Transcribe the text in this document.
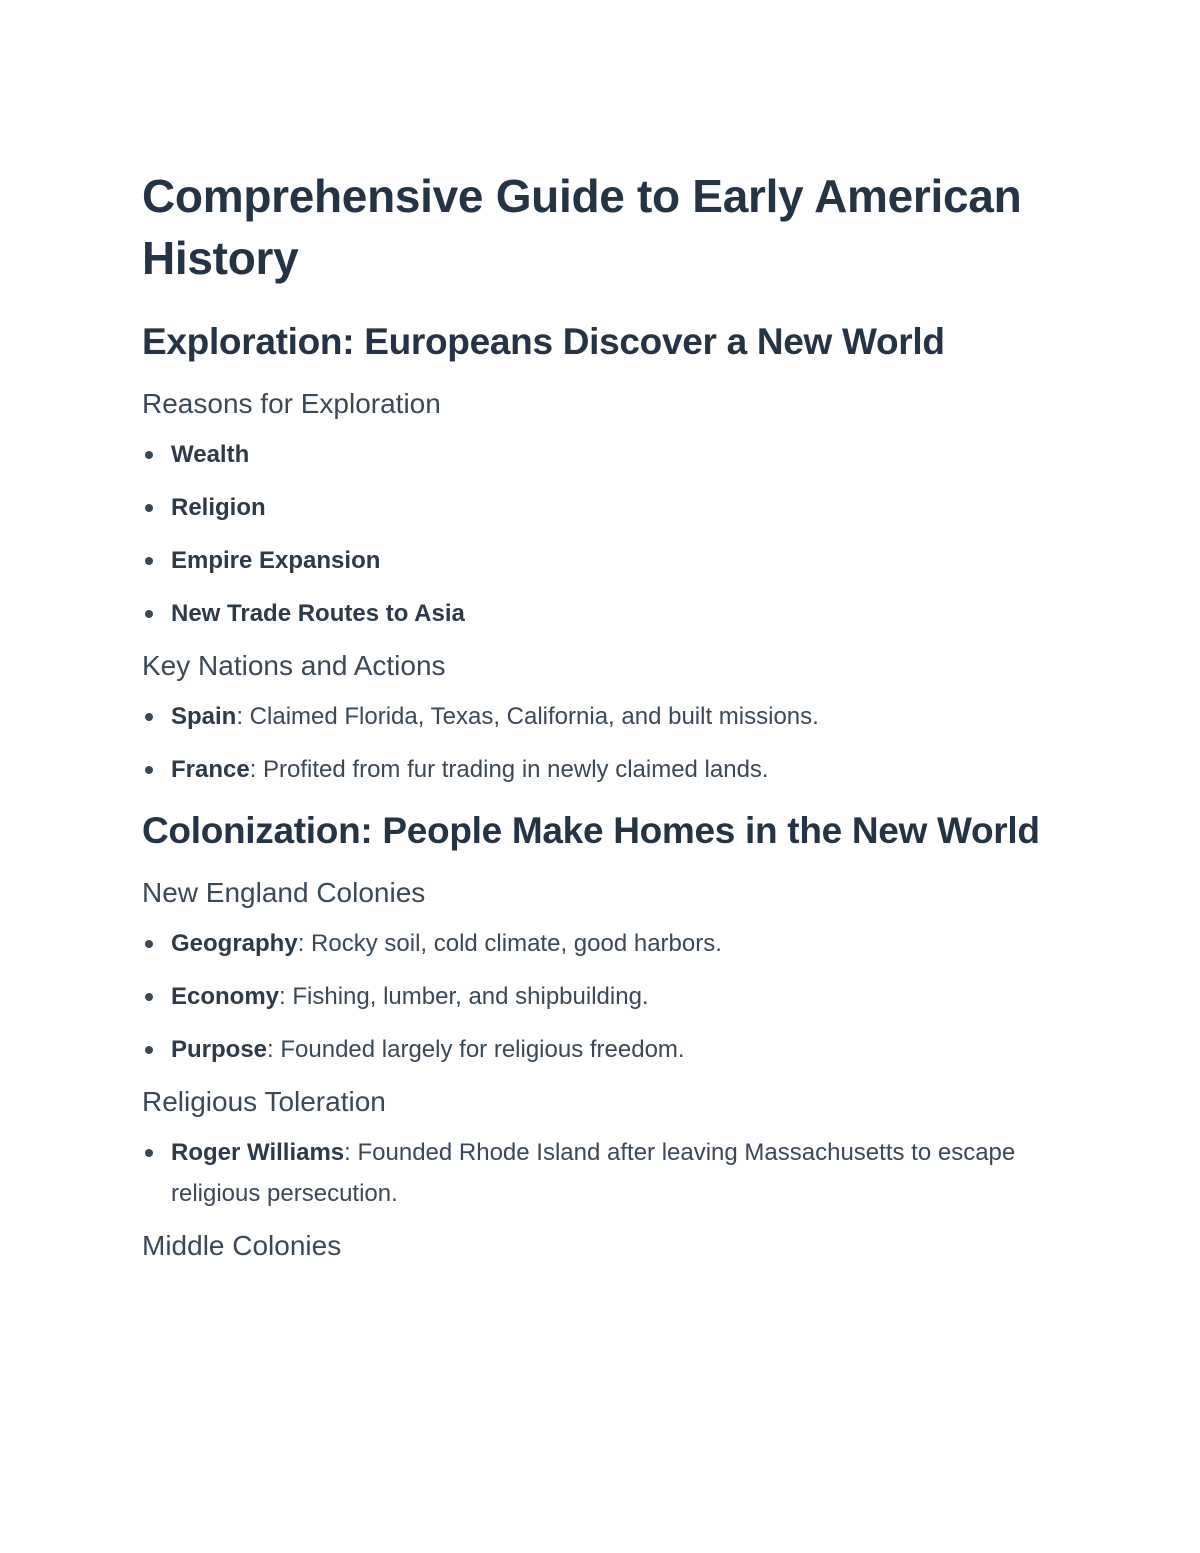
Comprehensive Guide to Early American History
Exploration: Europeans Discover a New World
Reasons for Exploration
Wealth
Religion
Empire Expansion
New Trade Routes to Asia
Key Nations and Actions
Spain: Claimed Florida, Texas, California, and built missions.
France: Profited from fur trading in newly claimed lands.
Colonization: People Make Homes in the New World
New England Colonies
Geography: Rocky soil, cold climate, good harbors.
Economy: Fishing, lumber, and shipbuilding.
Purpose: Founded largely for religious freedom.
Religious Toleration
Roger Williams: Founded Rhode Island after leaving Massachusetts to escape religious persecution.
Middle Colonies
